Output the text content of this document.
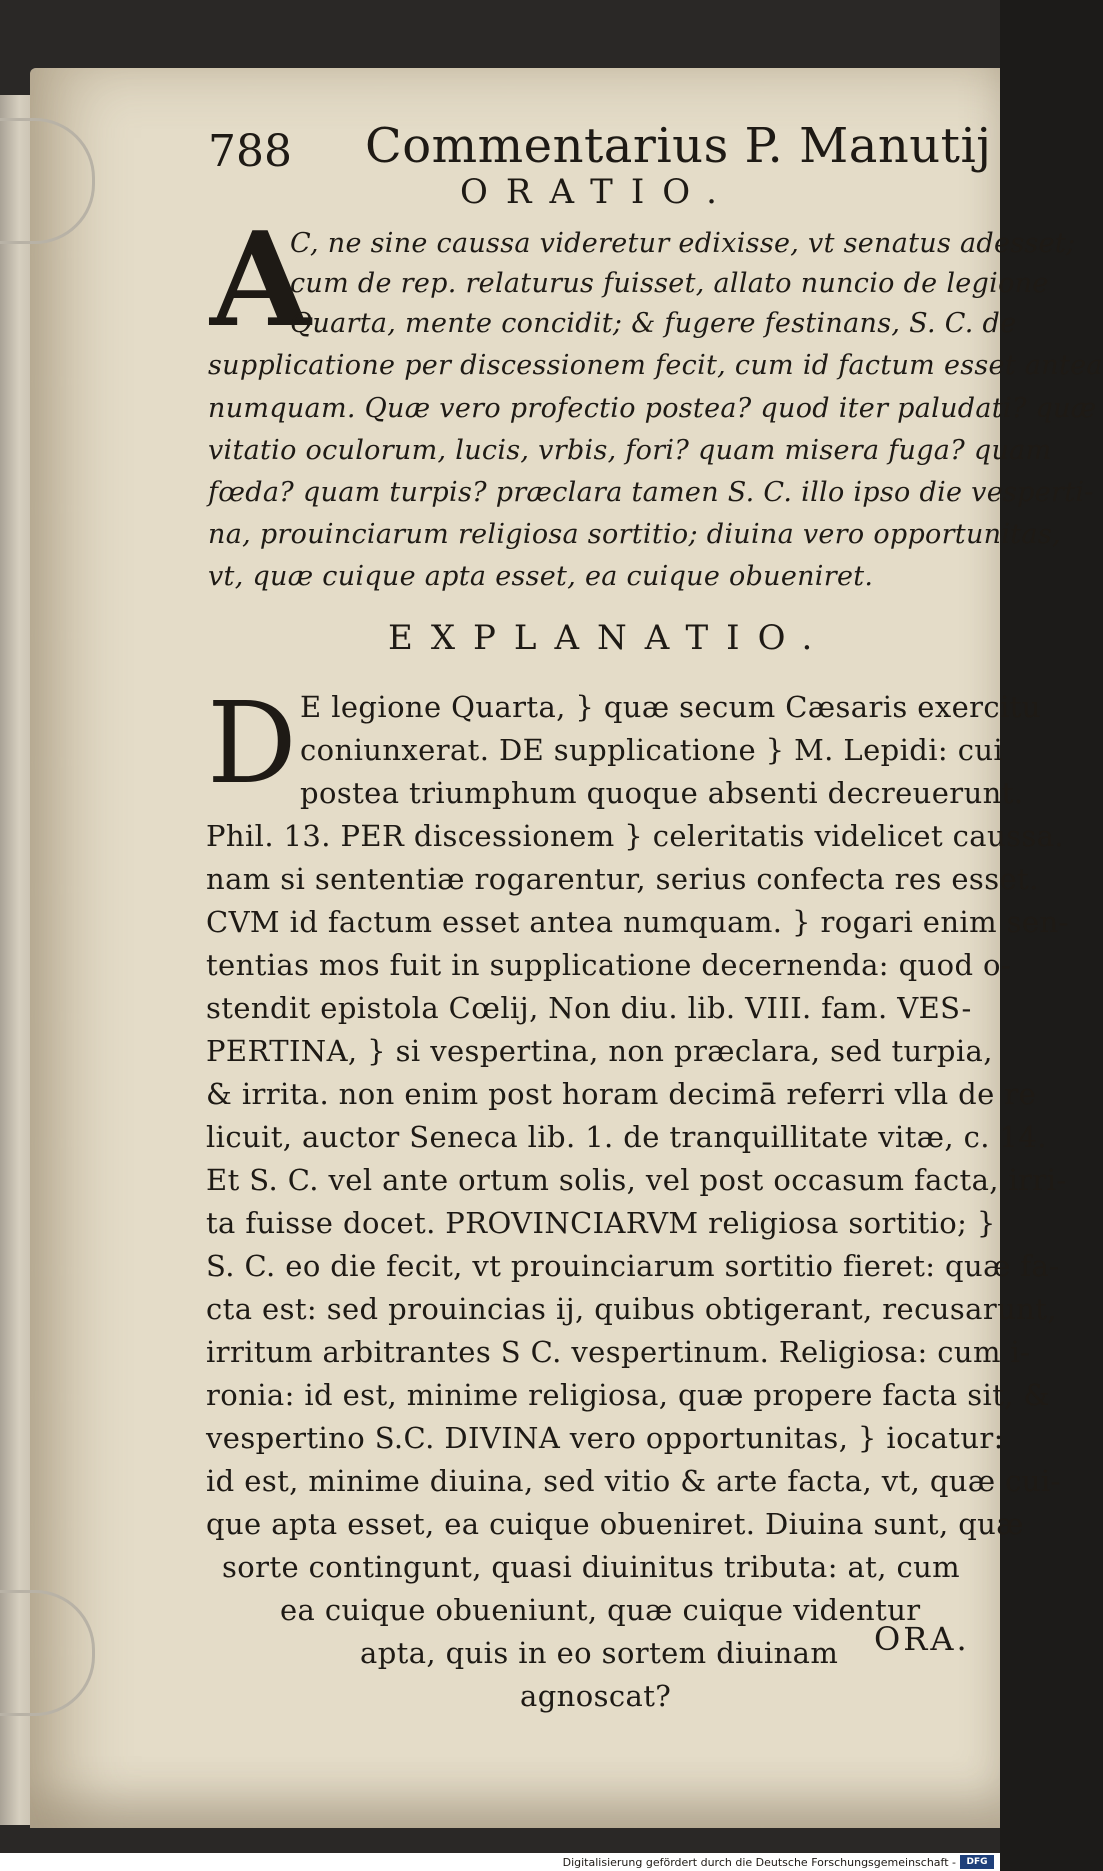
788 Commentarius P. Manutij
ORATIO.
A
C, ne sine caussa videretur edixisse, vt senatus adesset;
cum de rep. relaturus fuisset, allato nuncio de legione
Quarta, mente concidit; & fugere festinans, S. C. de
supplicatione per discessionem fecit, cum id factum esset antea
numquam. Quæ vero profectio postea? quod iter paludati? quæ
vitatio oculorum, lucis, vrbis, fori? quam misera fuga? quam
fœda? quam turpis? præclara tamen S. C. illo ipso die vesperti-
na, prouinciarum religiosa sortitio; diuina vero opportunitas,
vt, quæ cuique apta esset, ea cuique obueniret.
EXPLANATIO.
D E legione Quarta, } quæ secum Cæsaris exercitu
coniunxerat. DE supplicatione } M. Lepidi: cui
postea triumphum quoque absenti decreuerunt.
Phil. 13. PER discessionem } celeritatis videlicet caussa.
nam si sententiæ rogarentur, serius confecta res esset.
CVM id factum esset antea numquam. } rogari enim sen-
tentias mos fuit in supplicatione decernenda: quod o-
stendit epistola Cœlij, Non diu. lib. VIII. fam. VES-
PERTINA, } si vespertina, non præclara, sed turpia,
& irrita. non enim post horam decimā referri vlla de re
licuit, auctor Seneca lib. 1. de tranquillitate vitæ, c. 14.
Et S. C. vel ante ortum solis, vel post occasum facta, irri-
ta fuisse docet. PROVINCIARVM religiosa sortitio; }
S. C. eo die fecit, vt prouinciarum sortitio fieret: quæ fa-
cta est: sed prouincias ij, quibus obtigerant, recusarunt,
irritum arbitrantes S C. vespertinum. Religiosa: cum i-
ronia: id est, minime religiosa, quæ propere facta sit, &
vespertino S.C. DIVINA vero opportunitas, } iocatur:
id est, minime diuina, sed vitio & arte facta, vt, quæ cui-
que apta esset, ea cuique obueniret. Diuina sunt, quæ
sorte contingunt, quasi diuinitus tributa: at, cum
ea cuique obueniunt, quæ cuique videntur
apta, quis in eo sortem diuinam
agnoscat?
ORA.
Digitalisierung gefördert durch die Deutsche Forschungsgemeinschaft -	DFG
